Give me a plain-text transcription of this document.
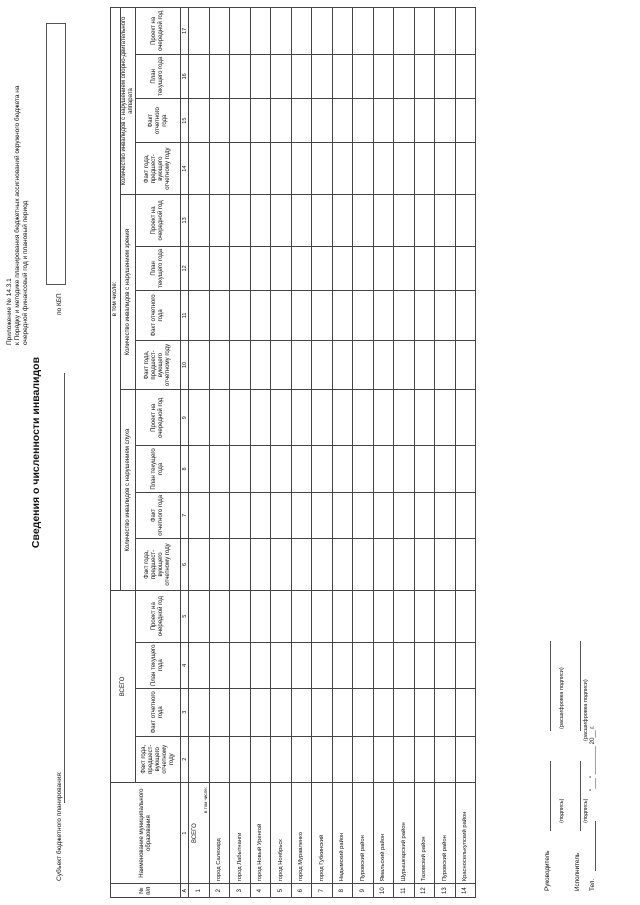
Приложение № 14.3.1 к Порядку и методике планирования бюджетных ассигнований окружного бюджета на очередной финансовый год и плановый период
Сведения о численности инвалидов
Субъект бюджетного планирования:
по КБП
№ п/п	Наименование муниципального образования	ВСЕГО				в том числе:											
						Количество инвалидов с нарушением слуха				Количество инвалидов с нарушением зрения				Количество инвалидов с нарушением опорно-двигательного аппарата			
		Факт года, предшест-вующего отчетному году	Факт отчетного года	План текущего года	Проект на очередной год	Факт года, предшест-вующего отчетному году	Факт отчетного года	План текущего года	Проект на очередной год	Факт года, предшест-вующего отчетному году	Факт отчетного года	План текущего года	Проект на очередной год	Факт года, предшест-вующего отчетному году	Факт отчетного года	План текущего года	Проект на очередной год
A	1	2	3	4	5	6	7	8	9	10	11	12	13	14	15	16	17
1	ВСЕГО
в том числе:																

2	город Салехард																
3	город Лабытнанги																
4	город Новый Уренгой																
5	город Ноябрьск																
6	город Муравленко																
7	город Губкинский																
8	Надымский район																
9	Пуровский район																
10	Ямальский район																
11	Шурышкарский район																
12	Тазовский район																
13	Пуровский район																
14	Красноселькупский район																	Руководитель
(подпись)
(расшифровка подписи)
Исполнитель
(подпись)
(расшифровка подписи)
Тел.
"___" ________ 20__ г.
